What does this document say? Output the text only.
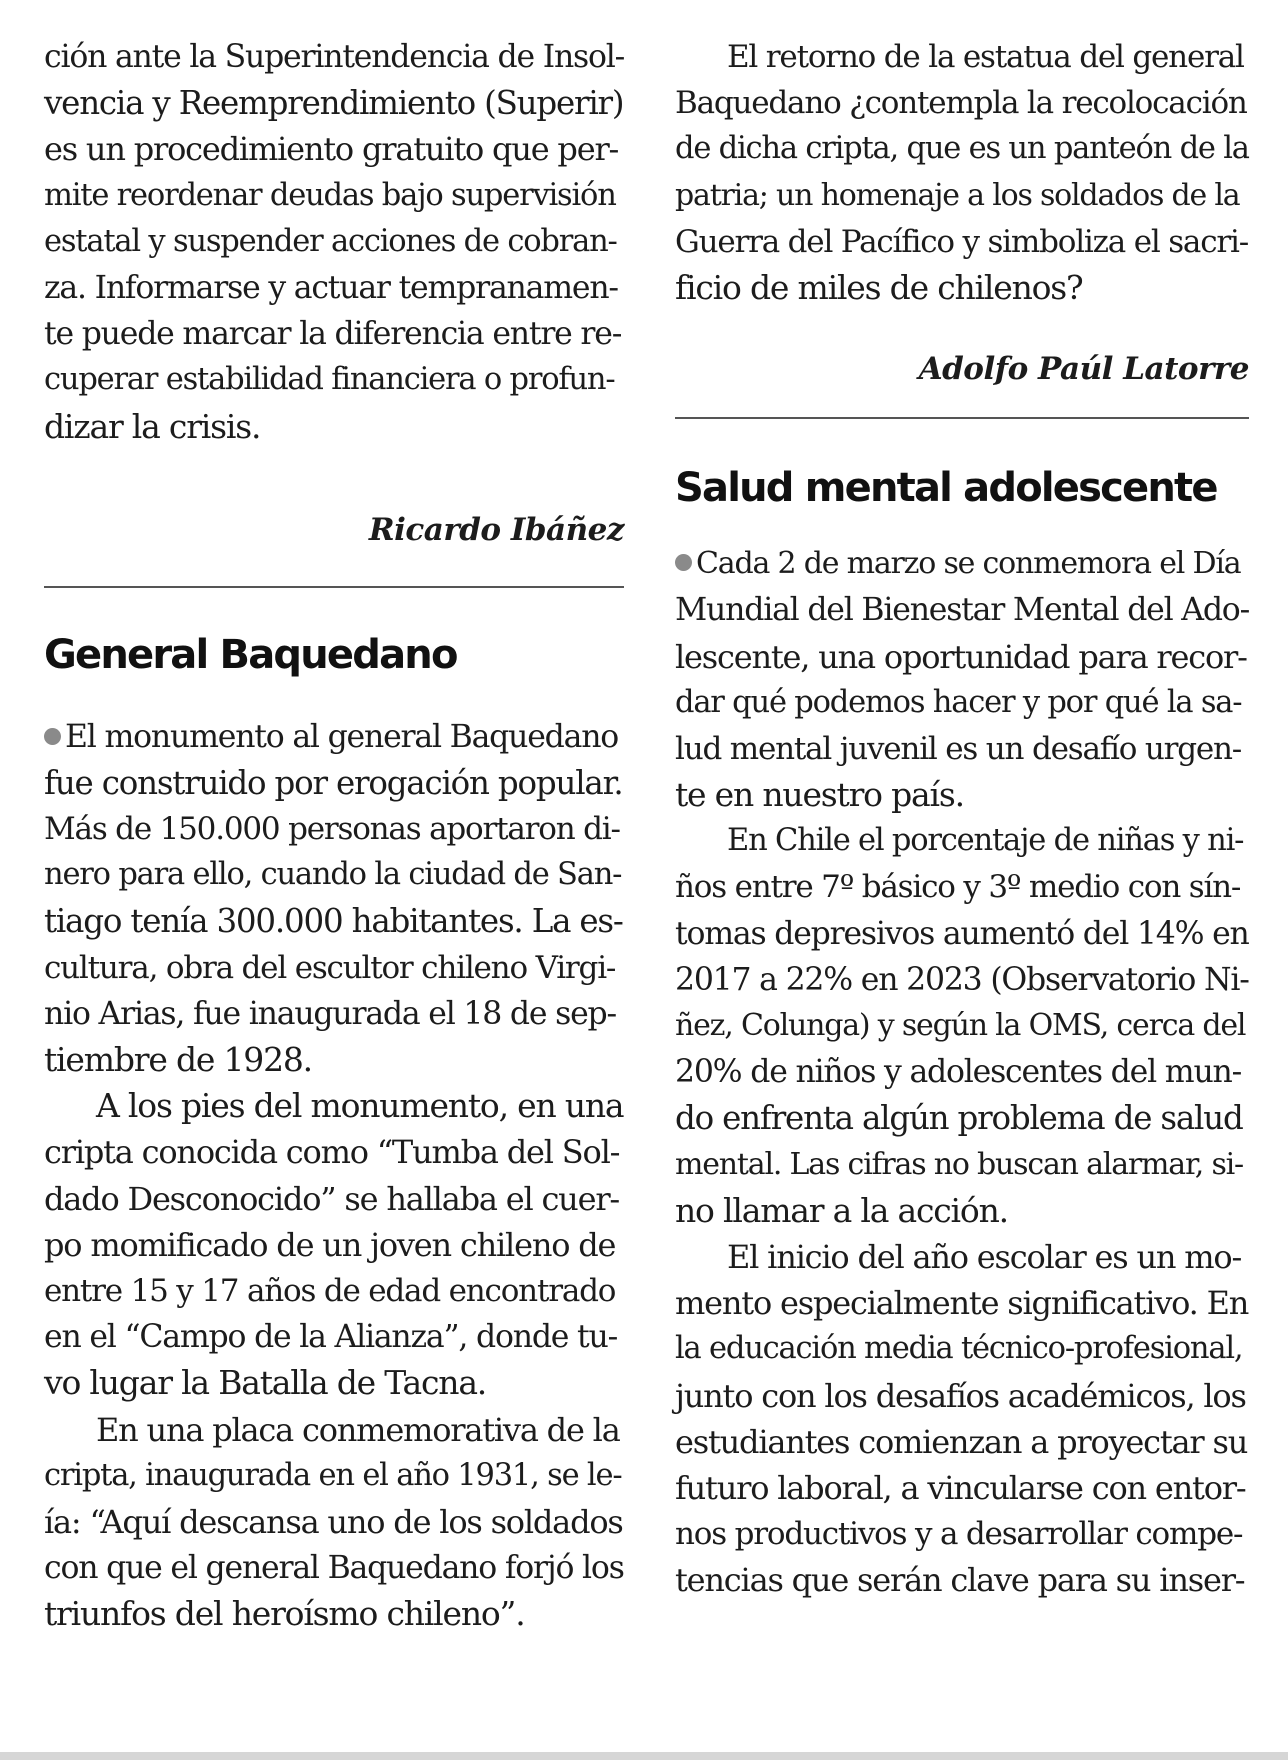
ción ante la Superintendencia de Insol-
vencia y Reemprendimiento (Superir)
es un procedimiento gratuito que per-
mite reordenar deudas bajo supervisión
estatal y suspender acciones de cobran-
za. Informarse y actuar tempranamen-
te puede marcar la diferencia entre re-
cuperar estabilidad financiera o profun-
dizar la crisis.
Ricardo Ibáñez
General Baquedano
El monumento al general Baquedano
fue construido por erogación popular.
Más de 150.000 personas aportaron di-
nero para ello, cuando la ciudad de San-
tiago tenía 300.000 habitantes. La es-
cultura, obra del escultor chileno Virgi-
nio Arias, fue inaugurada el 18 de sep-
tiembre de 1928.
A los pies del monumento, en una
cripta conocida como “Tumba del Sol-
dado Desconocido” se hallaba el cuer-
po momificado de un joven chileno de
entre 15 y 17 años de edad encontrado
en el “Campo de la Alianza”, donde tu-
vo lugar la Batalla de Tacna.
En una placa conmemorativa de la
cripta, inaugurada en el año 1931, se le-
ía: “Aquí descansa uno de los soldados
con que el general Baquedano forjó los
triunfos del heroísmo chileno”.
El retorno de la estatua del general
Baquedano ¿contempla la recolocación
de dicha cripta, que es un panteón de la
patria; un homenaje a los soldados de la
Guerra del Pacífico y simboliza el sacri-
ficio de miles de chilenos?
Adolfo Paúl Latorre
Salud mental adolescente
Cada 2 de marzo se conmemora el Día
Mundial del Bienestar Mental del Ado-
lescente, una oportunidad para recor-
dar qué podemos hacer y por qué la sa-
lud mental juvenil es un desafío urgen-
te en nuestro país.
En Chile el porcentaje de niñas y ni-
ños entre 7º básico y 3º medio con sín-
tomas depresivos aumentó del 14% en
2017 a 22% en 2023 (Observatorio Ni-
ñez, Colunga) y según la OMS, cerca del
20% de niños y adolescentes del mun-
do enfrenta algún problema de salud
mental. Las cifras no buscan alarmar, si-
no llamar a la acción.
El inicio del año escolar es un mo-
mento especialmente significativo. En
la educación media técnico-profesional,
junto con los desafíos académicos, los
estudiantes comienzan a proyectar su
futuro laboral, a vincularse con entor-
nos productivos y a desarrollar compe-
tencias que serán clave para su inser-
